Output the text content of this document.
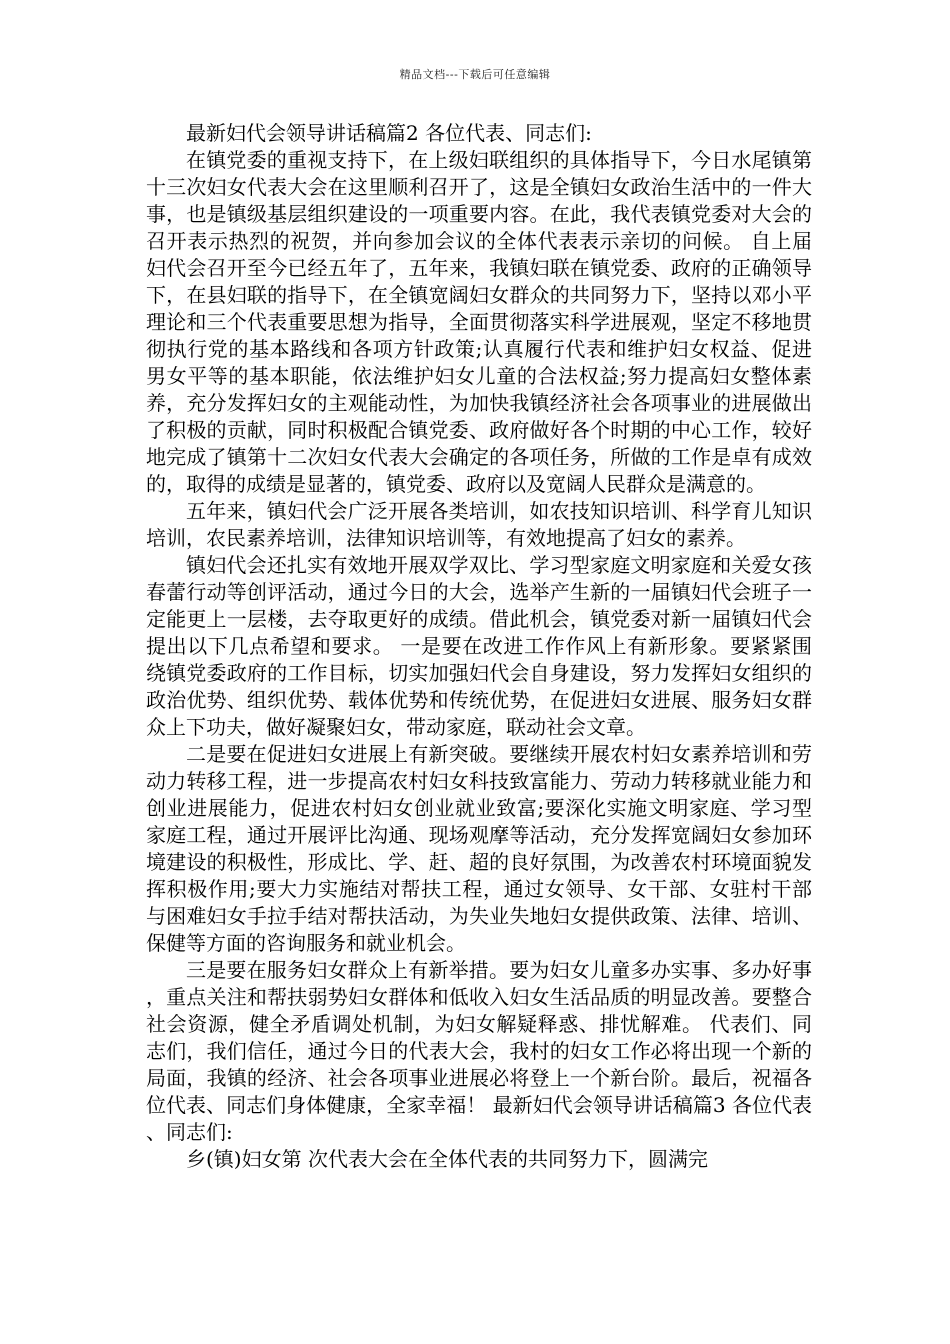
精品文档---下载后可任意编辑

最新妇代会领导讲话稿篇2 各位代表、同志们:

在镇党委的重视支持下，在上级妇联组织的具体指导下，今日水尾镇第十三次妇女代表大会在这里顺利召开了，这是全镇妇女政治生活中的一件大事，也是镇级基层组织建设的一项重要内容。在此，我代表镇党委对大会的召开表示热烈的祝贺，并向参加会议的全体代表表示亲切的问候。 自上届妇代会召开至今已经五年了，五年来，我镇妇联在镇党委、政府的正确领导下，在县妇联的指导下，在全镇宽阔妇女群众的共同努力下，坚持以邓小平理论和三个代表重要思想为指导，全面贯彻落实科学进展观，坚定不移地贯彻执行党的基本路线和各项方针政策;认真履行代表和维护妇女权益、促进男女平等的基本职能，依法维护妇女儿童的合法权益;努力提高妇女整体素养，充分发挥妇女的主观能动性，为加快我镇经济社会各项事业的进展做出了积极的贡献，同时积极配合镇党委、政府做好各个时期的中心工作，较好地完成了镇第十二次妇女代表大会确定的各项任务，所做的工作是卓有成效的，取得的成绩是显著的，镇党委、政府以及宽阔人民群众是满意的。

五年来，镇妇代会广泛开展各类培训，如农技知识培训、科学育儿知识培训，农民素养培训，法律知识培训等，有效地提高了妇女的素养。

镇妇代会还扎实有效地开展双学双比、学习型家庭文明家庭和关爱女孩春蕾行动等创评活动，通过今日的大会，选举产生新的一届镇妇代会班子一定能更上一层楼，去夺取更好的成绩。借此机会，镇党委对新一届镇妇代会提出以下几点希望和要求。 一是要在改进工作作风上有新形象。要紧紧围绕镇党委政府的工作目标，切实加强妇代会自身建设，努力发挥妇女组织的政治优势、组织优势、载体优势和传统优势，在促进妇女进展、服务妇女群众上下功夫，做好凝聚妇女，带动家庭，联动社会文章。

二是要在促进妇女进展上有新突破。要继续开展农村妇女素养培训和劳动力转移工程，进一步提高农村妇女科技致富能力、劳动力转移就业能力和创业进展能力，促进农村妇女创业就业致富;要深化实施文明家庭、学习型家庭工程，通过开展评比沟通、现场观摩等活动，充分发挥宽阔妇女参加环境建设的积极性，形成比、学、赶、超的良好氛围，为改善农村环境面貌发挥积极作用;要大力实施结对帮扶工程，通过女领导、女干部、女驻村干部与困难妇女手拉手结对帮扶活动，为失业失地妇女提供政策、法律、培训、保健等方面的咨询服务和就业机会。

三是要在服务妇女群众上有新举措。要为妇女儿童多办实事、多办好事，重点关注和帮扶弱势妇女群体和低收入妇女生活品质的明显改善。要整合社会资源，健全矛盾调处机制，为妇女解疑释惑、排忧解难。 代表们、同志们，我们信任，通过今日的代表大会，我村的妇女工作必将出现一个新的局面，我镇的经济、社会各项事业进展必将登上一个新台阶。最后，祝福各位代表、同志们身体健康，全家幸福！ 最新妇代会领导讲话稿篇3 各位代表、同志们:

乡(镇)妇女第 次代表大会在全体代表的共同努力下，圆满完
